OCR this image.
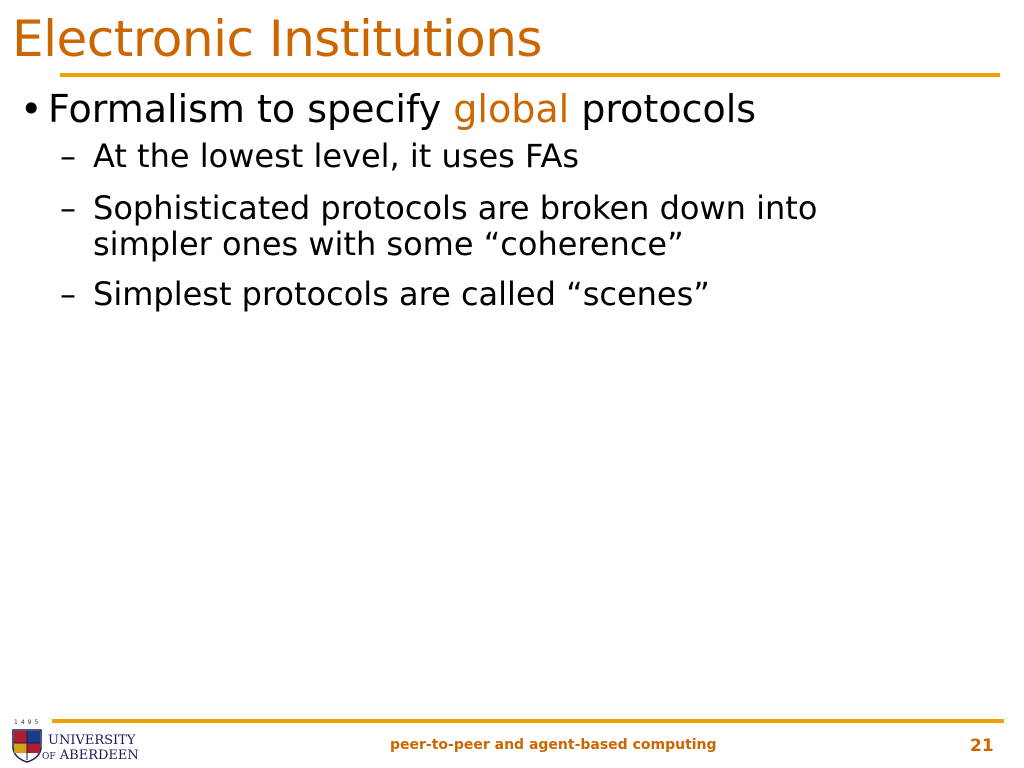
Electronic Institutions
• Formalism to specify global protocols
– At the lowest level, it uses FAs
– Sophisticated protocols are broken down into simpler ones with some “coherence”
– Simplest protocols are called “scenes”
1495
UNIVERSITY
OF ABERDEEN
peer-to-peer and agent-based computing	21
